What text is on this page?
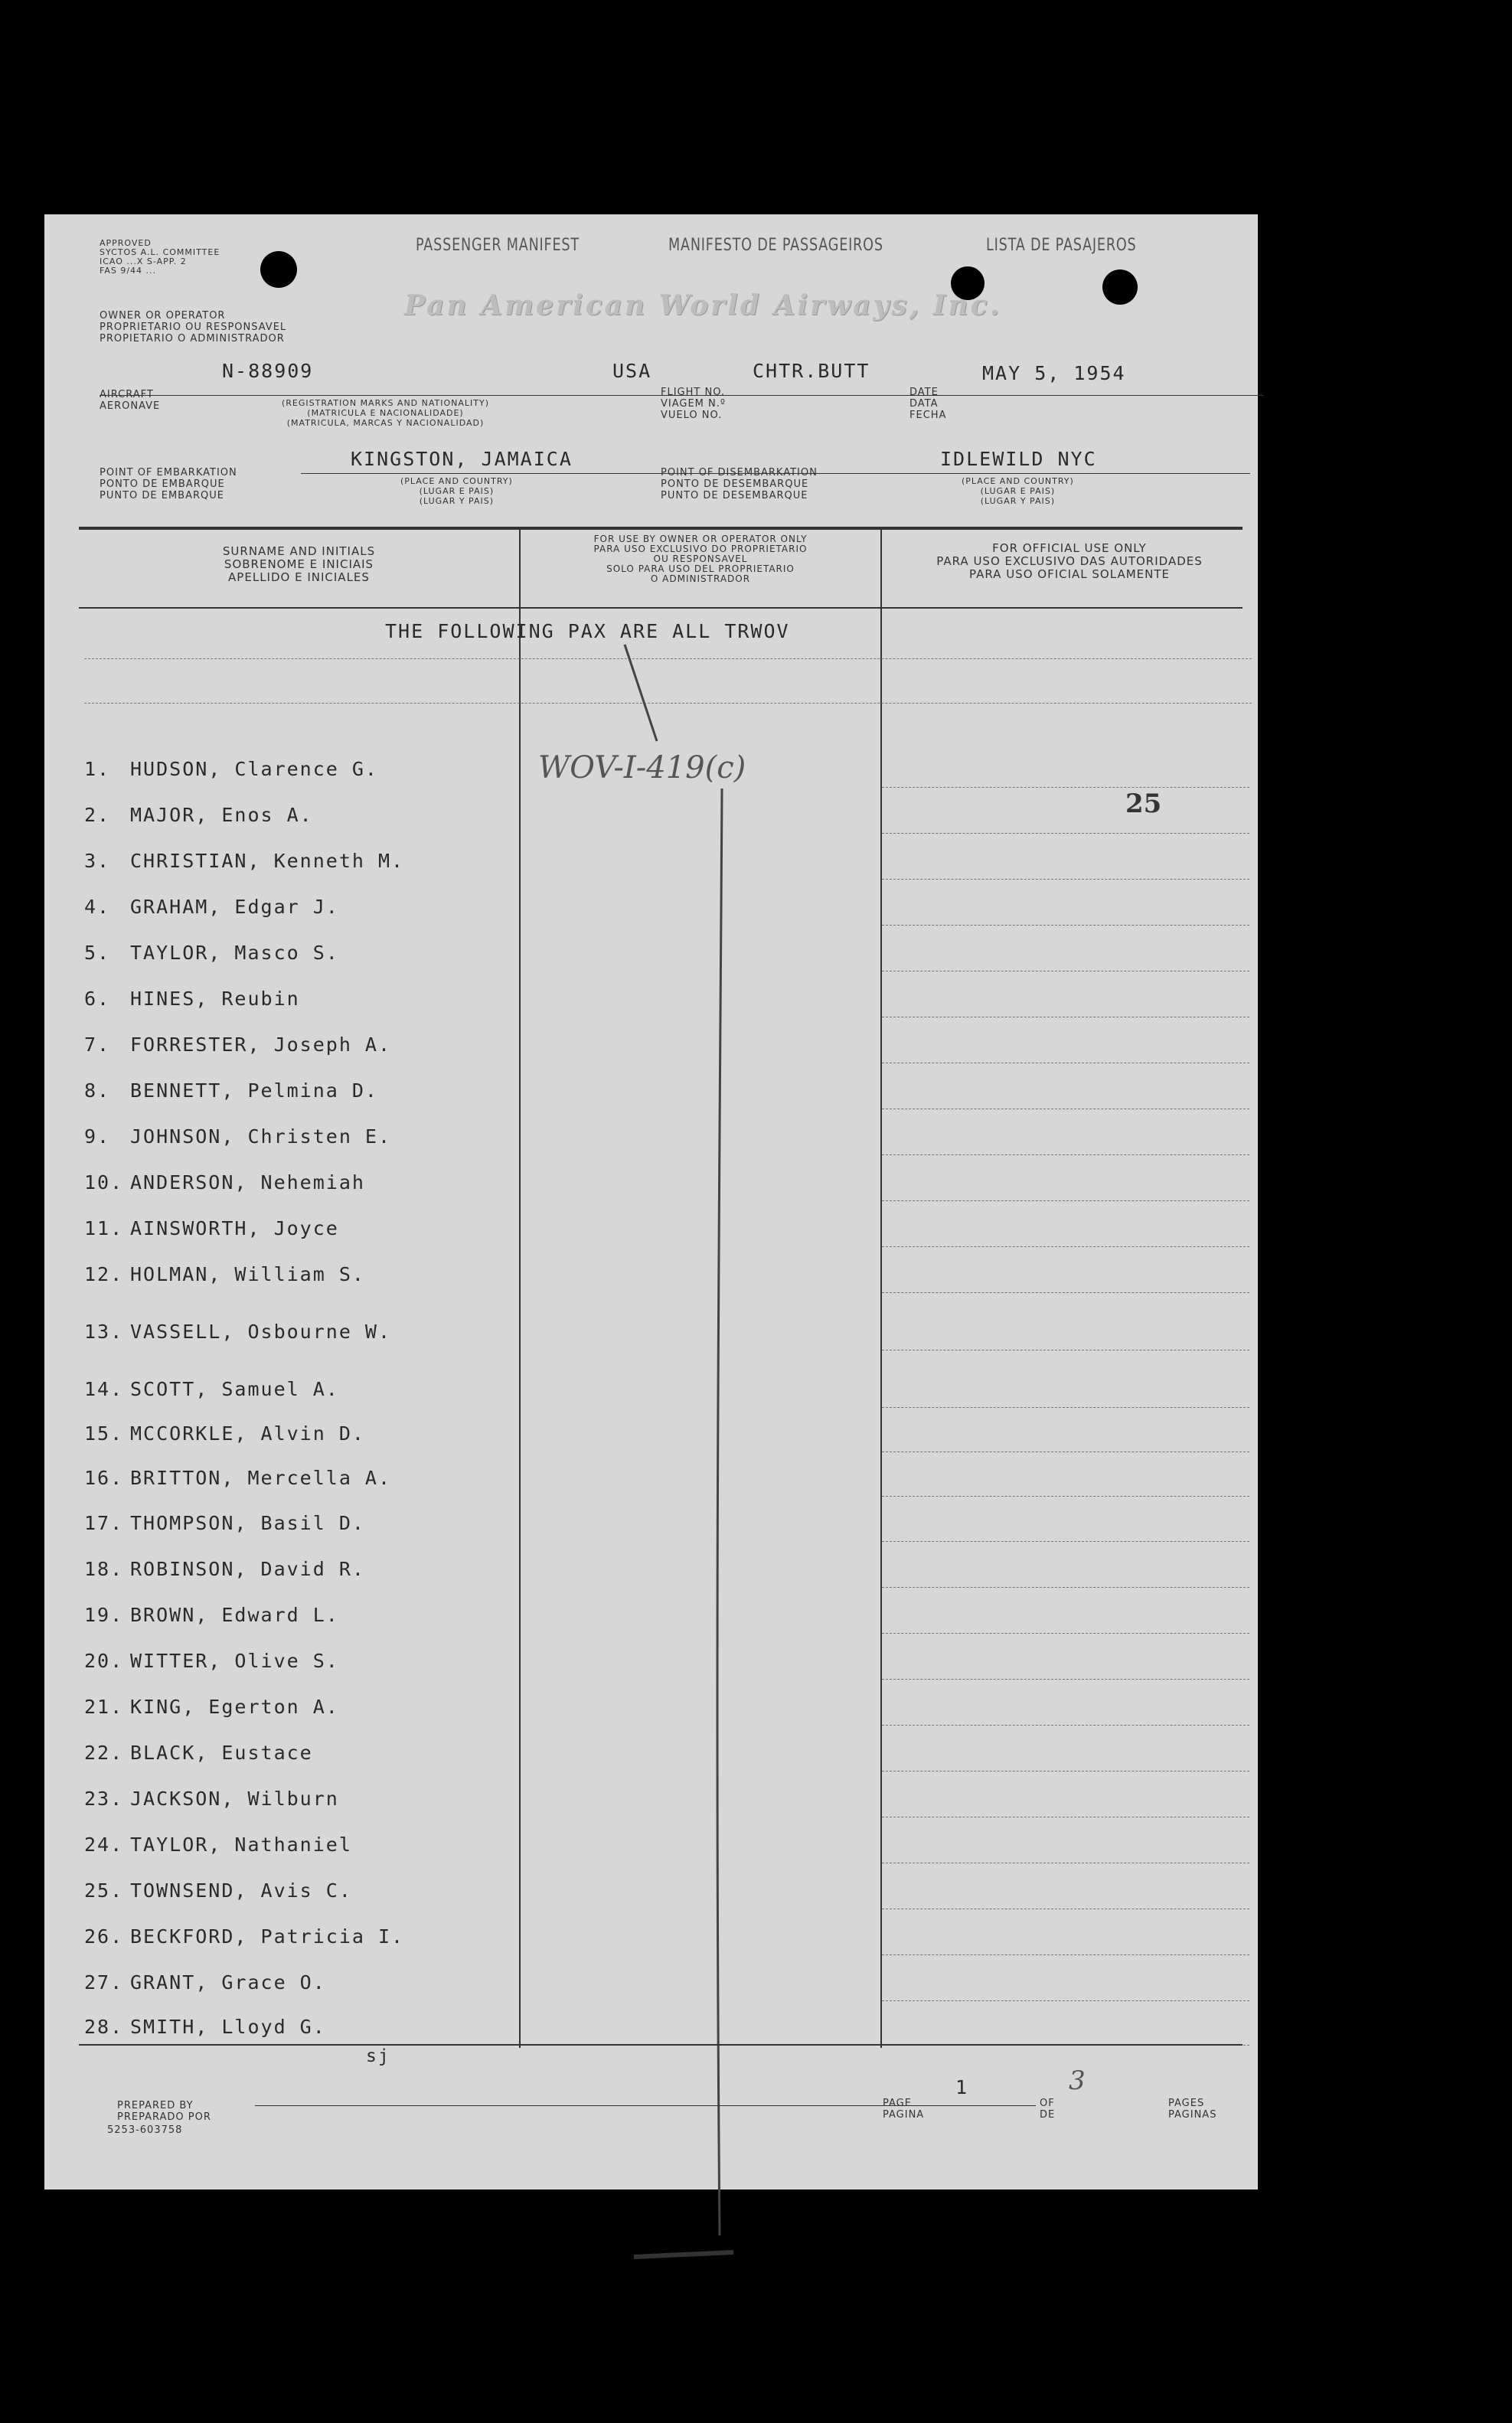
APPROVED
SYCTOS A.L. COMMITTEE
ICAO ...X S-APP. 2
FAS 9/44 ...
PASSENGER MANIFEST	MANIFESTO DE PASSAGEIROS	LISTA DE PASAJEROS
OWNER OR OPERATOR
PROPRIETARIO OU RESPONSAVEL
PROPIETARIO O ADMINISTRADOR
Pan American World Airways, Inc.
N-88909	USA	CHTR.BUTT	MAY 5, 1954
AIRCRAFT
AERONAVE	(REGISTRATION MARKS AND NATIONALITY)
(MATRICULA E NACIONALIDADE)
(MATRICULA, MARCAS Y NACIONALIDAD)
FLIGHT NO.
VIAGEM N.º
VUELO NO.
DATE
DATA
FECHA
KINGSTON, JAMAICA	IDLEWILD NYC
POINT OF EMBARKATION
PONTO DE EMBARQUE
PUNTO DE EMBARQUE
(PLACE AND COUNTRY)
(LUGAR E PAIS)
(LUGAR Y PAIS)
POINT OF DISEMBARKATION
PONTO DE DESEMBARQUE
PUNTO DE DESEMBARQUE
(PLACE AND COUNTRY)
(LUGAR E PAIS)
(LUGAR Y PAIS)
SURNAME AND INITIALS
SOBRENOME E INICIAIS
APELLIDO E INICIALES
FOR USE BY OWNER OR OPERATOR ONLY
PARA USO EXCLUSIVO DO PROPRIETARIO
OU RESPONSAVEL
SOLO PARA USO DEL PROPRIETARIO
O ADMINISTRADOR
FOR OFFICIAL USE ONLY
PARA USO EXCLUSIVO DAS AUTORIDADES
PARA USO OFICIAL SOLAMENTE
THE FOLLOWING PAX ARE ALL TRWOV
WOV-I-419(c)
25
1. HUDSON, Clarence G.
2. MAJOR, Enos A.
3. CHRISTIAN, Kenneth M.
4. GRAHAM, Edgar J.
5. TAYLOR, Masco S.
6. HINES, Reubin
7. FORRESTER, Joseph A.
8. BENNETT, Pelmina D.
9. JOHNSON, Christen E.
10. ANDERSON, Nehemiah
11. AINSWORTH, Joyce
12. HOLMAN, William S.
13. VASSELL, Osbourne W.
14. SCOTT, Samuel A.
15. MCCORKLE, Alvin D.
16. BRITTON, Mercella A.
17. THOMPSON, Basil D.
18. ROBINSON, David R.
19. BROWN, Edward L.
20. WITTER, Olive S.
21. KING, Egerton A.
22. BLACK, Eustace
23. JACKSON, Wilburn
24. TAYLOR, Nathaniel
25. TOWNSEND, Avis C.
26. BECKFORD, Patricia I.
27. GRANT, Grace O.
28. SMITH, Lloyd G.
sj
PREPARED BY
PREPARADO POR
5253-603758
PAGE
PAGINA
1
OF
DE
3
PAGES
PAGINAS
